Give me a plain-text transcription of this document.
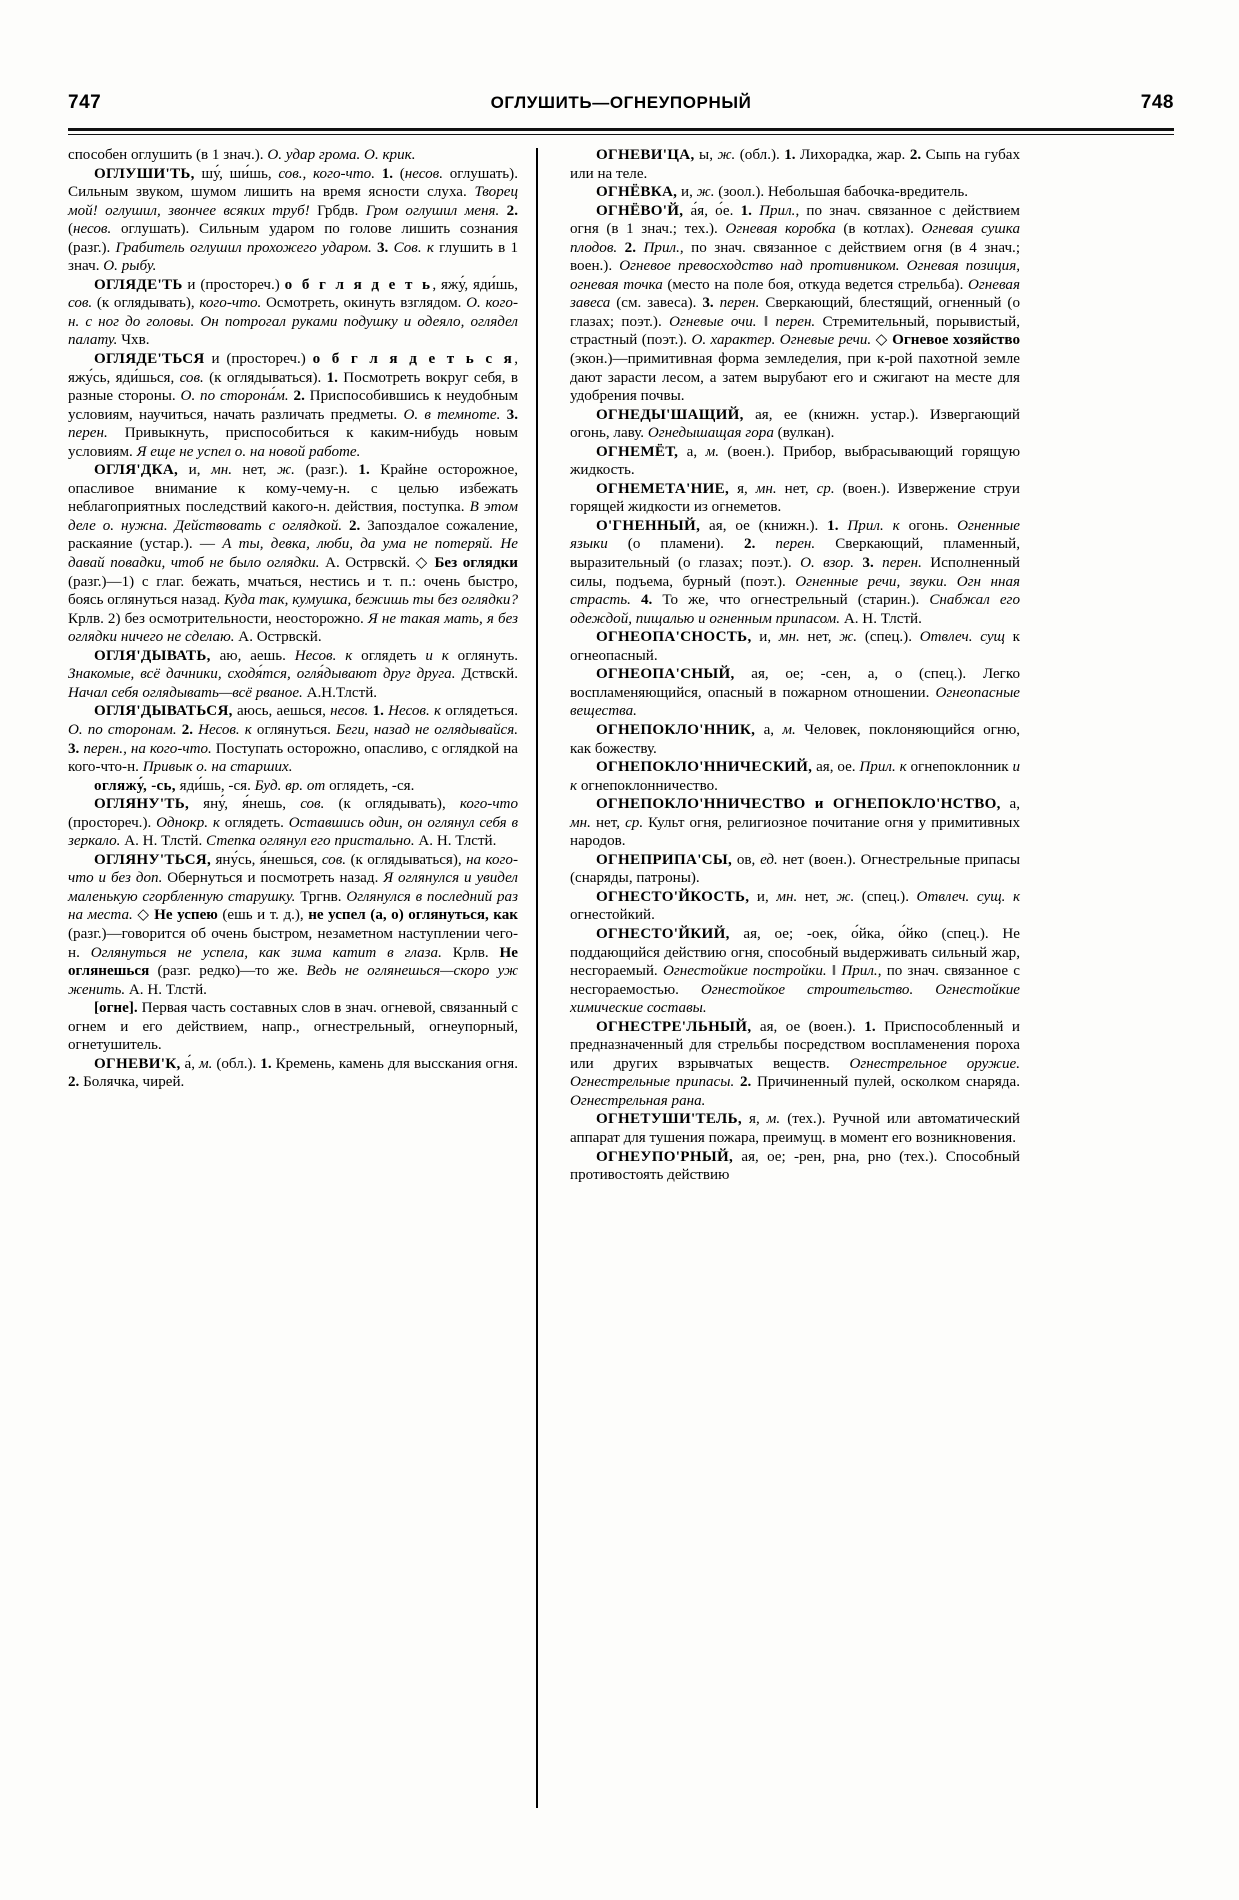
747	ОГЛУШИТЬ—ОГНЕУПОРНЫЙ	748

способен оглушить (в 1 знач.). О. удар грома. О. крик.

ОГЛУШИ'ТЬ, шу́, ши́шь, сов., кого-что. 1. (несов. оглушать). Сильным звуком, шумом лишить на время ясности слуха. Творец мой! оглушил, звончее всяких труб! Грбдв. Гром оглушил меня. 2. (несов. оглушать). Сильным ударом по голове лишить сознания (разг.). Грабитель оглушил прохожего ударом. 3. Сов. к глушить в 1 знач. О. рыбу.

ОГЛЯДЕ'ТЬ и (простореч.) о б г л я д е т ь, яжу́, яди́шь, сов. (к оглядывать), кого-что. Осмотреть, окинуть взглядом. О. кого-н. с ног до головы. Он потрогал руками подушку и одеяло, оглядел палату. Чхв.

ОГЛЯДЕ'ТЬСЯ и (простореч.) о б г л я д е т ь с я, яжу́сь, яди́шься, сов. (к оглядываться). 1. Посмотреть вокруг себя, в разные стороны. О. по сторона́м. 2. Приспособившись к неудобным условиям, научиться, начать различать предметы. О. в темноте. 3. перен. Привыкнуть, приспособиться к каким-нибудь новым условиям. Я еще не успел о. на новой работе.

ОГЛЯ'ДКА, и, мн. нет, ж. (разг.). 1. Крайне осторожное, опасливое внимание к кому-чему-н. с целью избежать неблагоприятных последствий какого-н. действия, поступка. В этом деле о. нужна. Действовать с оглядкой. 2. Запоздалое сожаление, раскаяние (устар.). — А ты, девка, люби, да ума не потеряй. Не давай повадки, чтоб не было оглядки. А. Острвскй. ◇ Без оглядки (разг.)—1) с глаг. бежать, мчаться, нестись и т. п.: очень быстро, боясь оглянуться назад. Куда так, кумушка, бежишь ты без оглядки? Крлв. 2) без осмотрительности, неосторожно. Я не такая мать, я без оглядки ничего не сделаю. А. Острвскй.

ОГЛЯ'ДЫВАТЬ, аю, аешь. Несов. к оглядеть и к оглянуть. Знакомые, всё дачники, сходя́тся, огля́дывают друг друга. Дствскй. Начал себя оглядывать—всё рваное. А.Н.Тлстй.

ОГЛЯ'ДЫВАТЬСЯ, аюсь, аешься, несов. 1. Несов. к оглядеться. О. по сторонам. 2. Несов. к оглянуться. Беги, назад не оглядывайся. 3. перен., на кого-что. Поступать осторожно, опасливо, с оглядкой на кого-что-н. Привык о. на старших.

огляжу́, -сь, яди́шь, -ся. Буд. вр. от оглядеть, -ся.

ОГЛЯНУ'ТЬ, яну́, я́нешь, сов. (к оглядывать), кого-что (простореч.). Однокр. к оглядеть. Оставшись один, он оглянул себя в зеркало. А. Н. Тлстй. Степка оглянул его пристально. А. Н. Тлстй.

ОГЛЯНУ'ТЬСЯ, яну́сь, я́нешься, сов. (к оглядываться), на кого-что и без доп. Обернуться и посмотреть назад. Я оглянулся и увидел маленькую сгорбленную старушку. Тргнв. Оглянулся в последний раз на места. ◇ Не успею (ешь и т. д.), не успел (а, о) оглянуться, как (разг.)—говорится об очень быстром, незаметном наступлении чего-н. Оглянуться не успела, как зима катит в глаза. Крлв. Не оглянешься (разг. редко)—то же. Ведь не оглянешься—скоро уж женить. А. Н. Тлстй.

[огне]. Первая часть составных слов в знач. огневой, связанный с огнем и его действием, напр., огнестрельный, огнеупорный, огнетушитель.

ОГНЕВИ'К, а́, м. (обл.). 1. Кремень, камень для высскания огня. 2. Болячка, чирей.

ОГНЕВИ'ЦА, ы, ж. (обл.). 1. Лихорадка, жар. 2. Сыпь на губах или на теле.

ОГНЁВКА, и, ж. (зоол.). Небольшая бабочка-вредитель.

ОГНЁВО'Й, а́я, о́е. 1. Прил., по знач. связанное с действием огня (в 1 знач.; тех.). Огневая коробка (в котлах). Огневая сушка плодов. 2. Прил., по знач. связанное с действием огня (в 4 знач.; воен.). Огневое превосходство над противником. Огневая позиция, огневая точка (место на поле боя, откуда ведется стрельба). Огневая завеса (см. завеса). 3. перен. Сверкающий, блестящий, огненный (о глазах; поэт.). Огневые очи. ‖ перен. Стремительный, порывистый, страстный (поэт.). О. характер. Огневые речи. ◇ Огневое хозяйство (экон.)—примитивная форма земледелия, при к-рой пахотной земле дают зарасти лесом, а затем вырубают его и сжигают на месте для удобрения почвы.

ОГНЕДЫ'ШАЩИЙ, ая, ее (книжн. устар.). Извергающий огонь, лаву. Огнедышащая гора (вулкан).

ОГНЕМЁТ, а, м. (воен.). Прибор, выбрасывающий горящую жидкость.

ОГНЕМЕТА'НИЕ, я, мн. нет, ср. (воен.). Извержение струи горящей жидкости из огнеметов.

О'ГНЕННЫЙ, ая, ое (книжн.). 1. Прил. к огонь. Огненные языки (о пламени). 2. перен. Сверкающий, пламенный, выразительный (о глазах; поэт.). О. взор. 3. перен. Исполненный силы, подъема, бурный (поэт.). Огненные речи, звуки. Огн нная страсть. 4. То же, что огнестрельный (старин.). Снабжал его одеждой, пищалью и огненным припасом. А. Н. Тлстй.

ОГНЕОПА'СНОСТЬ, и, мн. нет, ж. (спец.). Отвлеч. сущ к огнеопасный.

ОГНЕОПА'СНЫЙ, ая, ое; -сен, а, о (спец.). Легко воспламеняющийся, опасный в пожарном отношении. Огнеопасные вещества.

ОГНЕПОКЛО'ННИК, а, м. Человек, поклоняющийся огню, как божеству.

ОГНЕПОКЛО'ННИЧЕСКИЙ, ая, ое. Прил. к огнепоклонник и к огнепоклонничество.

ОГНЕПОКЛО'ННИЧЕСТВО и ОГНЕПОКЛО'НСТВО, а, мн. нет, ср. Культ огня, религиозное почитание огня у примитивных народов.

ОГНЕПРИПА'СЫ, ов, ед. нет (воен.). Огнестрельные припасы (снаряды, патроны).

ОГНЕСТО'ЙКОСТЬ, и, мн. нет, ж. (спец.). Отвлеч. сущ. к огнестойкий.

ОГНЕСТО'ЙКИЙ, ая, ое; -оек, о́йка, о́йко (спец.). Не поддающийся действию огня, способный выдерживать сильный жар, несгораемый. Огнестойкие постройки. ‖ Прил., по знач. связанное с несгораемостью. Огнестойкое строительство. Огнестойкие химические составы.

ОГНЕСТРЕ'ЛЬНЫЙ, ая, ое (воен.). 1. Приспособленный и предназначенный для стрельбы посредством воспламенения пороха или других взрывчатых веществ. Огнестрельное оружие. Огнестрельные припасы. 2. Причиненный пулей, осколком снаряда. Огнестрельная рана.

ОГНЕТУШИ'ТЕЛЬ, я, м. (тех.). Ручной или автоматический аппарат для тушения пожара, преимущ. в момент его возникновения.

ОГНЕУПО'РНЫЙ, ая, ое; -рен, рна, рно (тех.). Способный противостоять действию
